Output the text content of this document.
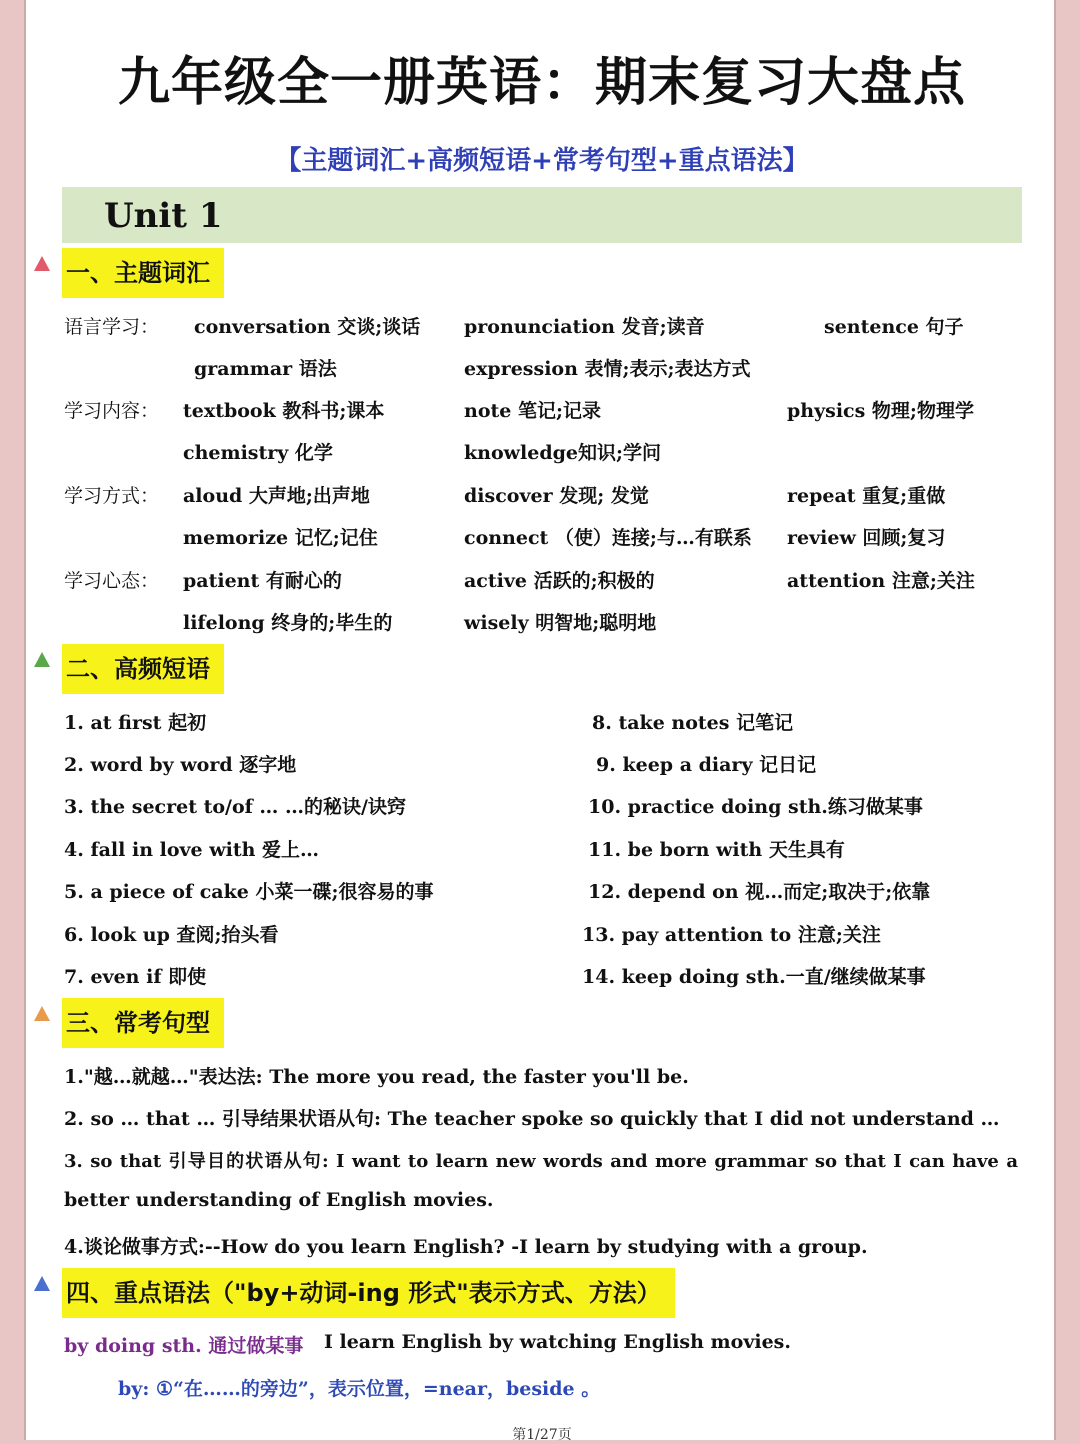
九年级全一册英语：期末复习大盘点
【主题词汇+高频短语+常考句型+重点语法】
Unit 1
一、主题词汇
语言学习： conversation 交谈;谈话 pronunciation 发音;读音	sentence 句子
grammar 语法	expression 表情;表示;表达方式
学习内容： textbook 教科书;课本	note 笔记;记录	physics 物理;物理学
chemistry 化学	knowledge知识;学问
学习方式： aloud 大声地;出声地	discover 发现; 发觉	repeat 重复;重做
memorize 记忆;记住	connect （使）连接;与…有联系 review 回顾;复习
学习心态： patient 有耐心的	active 活跃的;积极的	attention 注意;关注
lifelong 终身的;毕生的	wisely 明智地;聪明地
二、高频短语
1. at first 起初
2. word by word 逐字地
3. the secret to/of … …的秘诀/诀窍
4. fall in love with 爱上…
5. a piece of cake 小菜一碟;很容易的事
6. look up 查阅;抬头看
7. even if 即使
8. take notes 记笔记
9. keep a diary 记日记
10. practice doing sth.练习做某事
11. be born with 天生具有
12. depend on 视…而定;取决于;依靠
13. pay attention to 注意;关注
14. keep doing sth.一直/继续做某事
三、常考句型
1."越…就越…"表达法: The more you read, the faster you'll be.
2. so … that … 引导结果状语从句: The teacher spoke so quickly that I did not understand …
3. so that 引导目的状语从句: I want to learn new words and more grammar so that I can have a
better understanding of English movies.
4.谈论做事方式:--How do you learn English? -I learn by studying with a group.
四、重点语法（"by+动词-ing 形式"表示方式、方法）
by doing sth. 通过做某事 I learn English by watching English movies.
by: ①“在……的旁边”，表示位置，=near，beside 。
第1/27页
